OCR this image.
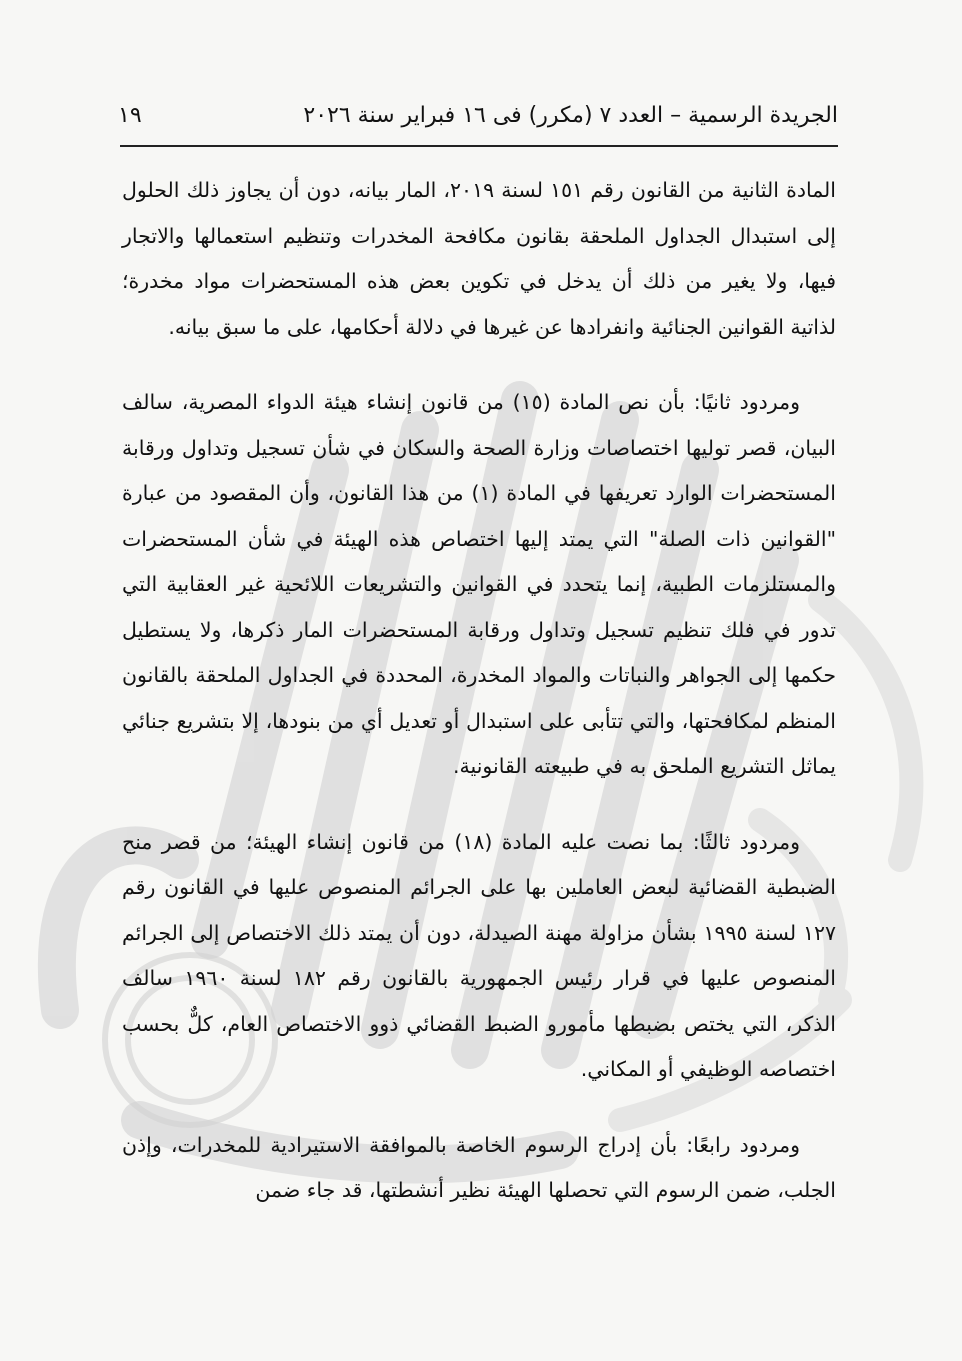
الجريدة الرسمية – العدد ٧ (مكرر) فى ١٦ فبراير سنة ٢٠٢٦
١٩

المادة الثانية من القانون رقم ١٥١ لسنة ٢٠١٩، المار بيانه، دون أن يجاوز ذلك الحلول إلى استبدال الجداول الملحقة بقانون مكافحة المخدرات وتنظيم استعمالها والاتجار فيها، ولا يغير من ذلك أن يدخل في تكوين بعض هذه المستحضرات مواد مخدرة؛ لذاتية القوانين الجنائية وانفرادها عن غيرها في دلالة أحكامها، على ما سبق بيانه.

ومردود ثانيًا: بأن نص المادة (١٥) من قانون إنشاء هيئة الدواء المصرية، سالف البيان، قصر توليها اختصاصات وزارة الصحة والسكان في شأن تسجيل وتداول ورقابة المستحضرات الوارد تعريفها في المادة (١) من هذا القانون، وأن المقصود من عبارة "القوانين ذات الصلة" التي يمتد إليها اختصاص هذه الهيئة في شأن المستحضرات والمستلزمات الطبية، إنما يتحدد في القوانين والتشريعات اللائحية غير العقابية التي تدور في فلك تنظيم تسجيل وتداول ورقابة المستحضرات المار ذكرها، ولا يستطيل حكمها إلى الجواهر والنباتات والمواد المخدرة، المحددة في الجداول الملحقة بالقانون المنظم لمكافحتها، والتي تتأبى على استبدال أو تعديل أي من بنودها، إلا بتشريع جنائي يماثل التشريع الملحق به في طبيعته القانونية.

ومردود ثالثًا: بما نصت عليه المادة (١٨) من قانون إنشاء الهيئة؛ من قصر منح الضبطية القضائية لبعض العاملين بها على الجرائم المنصوص عليها في القانون رقم ١٢٧ لسنة ١٩٩٥ بشأن مزاولة مهنة الصيدلة، دون أن يمتد ذلك الاختصاص إلى الجرائم المنصوص عليها في قرار رئيس الجمهورية بالقانون رقم ١٨٢ لسنة ١٩٦٠ سالف الذكر، التي يختص بضبطها مأمورو الضبط القضائي ذوو الاختصاص العام، كلٌّ بحسب اختصاصه الوظيفي أو المكاني.

ومردود رابعًا: بأن إدراج الرسوم الخاصة بالموافقة الاستيرادية للمخدرات، وإذن الجلب، ضمن الرسوم التي تحصلها الهيئة نظير أنشطتها، قد جاء ضمن
